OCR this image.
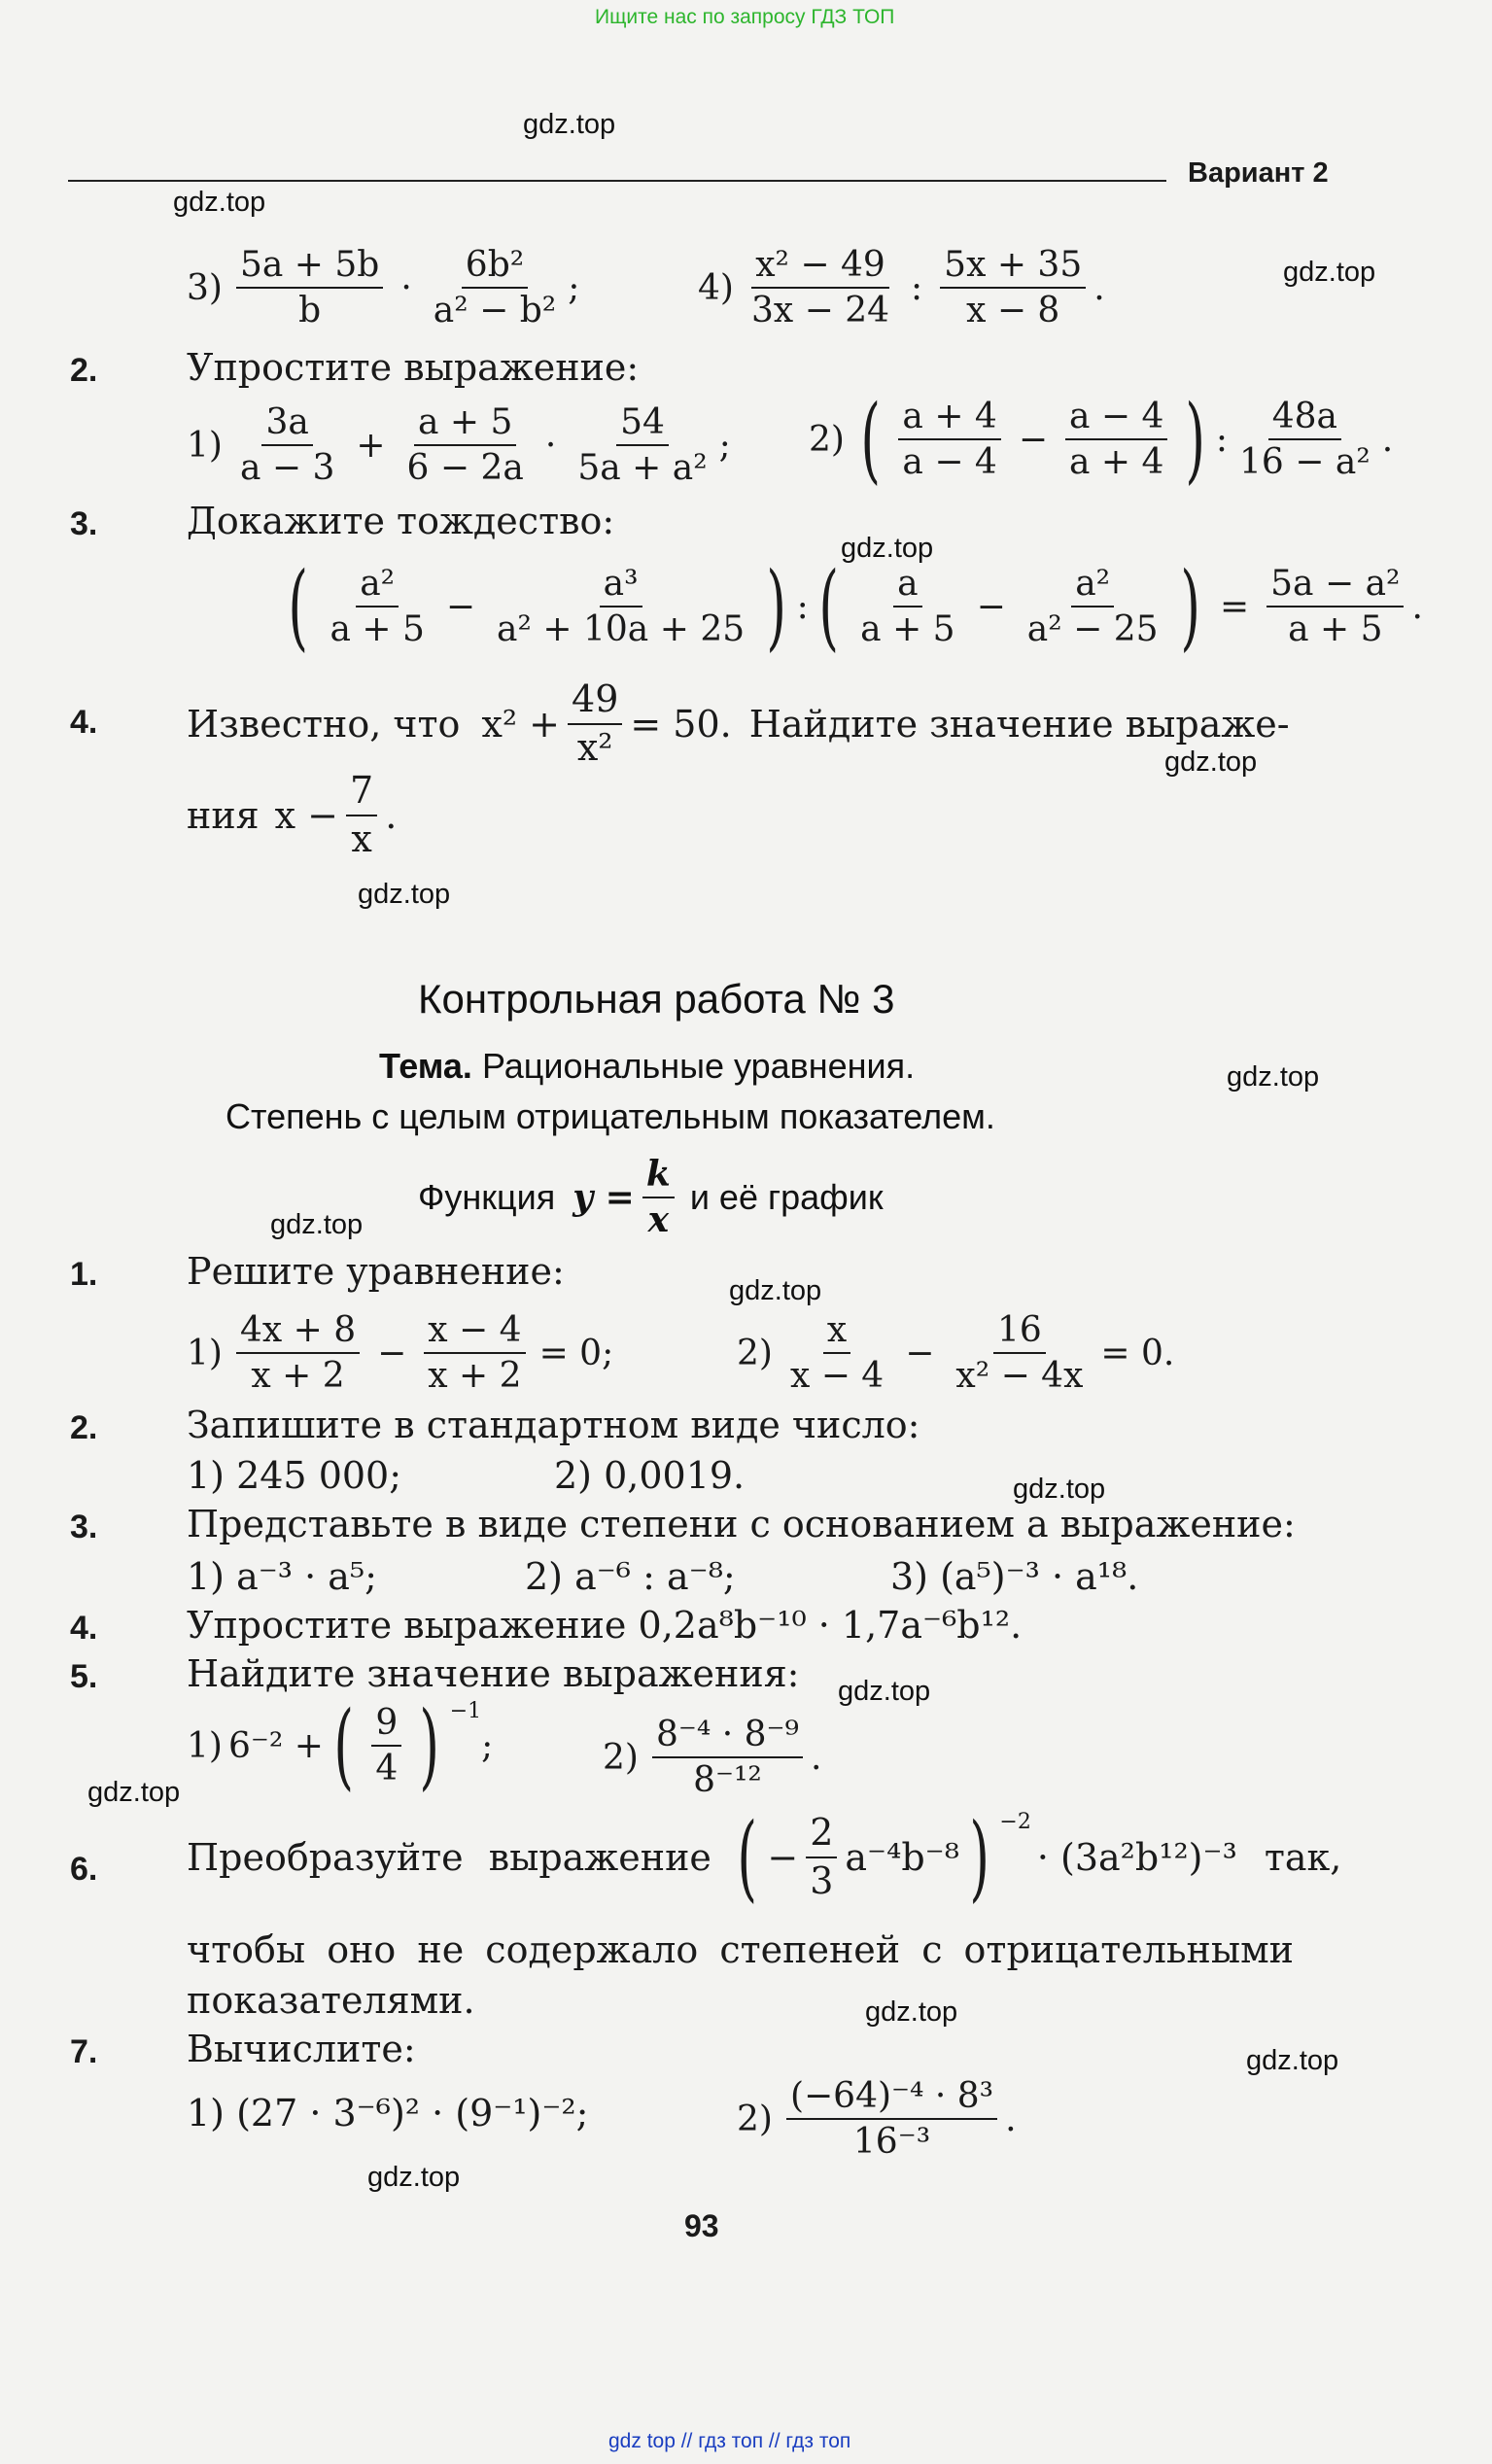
Ищите нас по запросу ГДЗ ТОП
gdz.top
gdz.top
gdz.top
gdz.top
gdz.top
gdz.top
gdz.top
gdz.top
gdz.top
gdz.top
gdz.top
gdz.top
gdz.top
gdz.top
gdz.top
Вариант 2
$3) \frac{5a + 5b}{b} \cdot \frac{\text{6b²}}{\text{a² − b²}}$ ;	$4) \frac{\text{x² − 49}}{3x - 24}$ : $\frac{5x + 35}{x - 8}$ .
2. Упростите выражение:
$1) \frac{3a}{a - 3} + \frac{a + 5}{6 - 2a} \cdot \frac{54}{\text{5a + a²}}$ ; 2) ( $\frac{a + 4}{a - 4} - \frac{a - 4}{a + 4}$ ) : $\frac{48a}{\text{16 − a²}}$ .
3. Докажите тождество:
( $\frac{\text{a²}}{a + 5} - \frac{\text{a³}}{\text{a² + 10a + 25}}$ ) : ( $\frac{a}{a + 5} - \frac{\text{a²}}{\text{a² − 25}}$ ) = $\frac{\text{5a − a²}}{a + 5}$ .
4. Известно, что $x^2 + \frac{49}{\text{x²}} = 50$. Найдите значение выраже-
ния $x - \frac{7}{x}$ .
Контрольная работа № 3
Тема. Рациональные уравнения.
Степень с целым отрицательным показателем.
Функция $y = \frac{k}{x}$ и её график
1. Решите уравнение:
$1) \frac{4x + 8}{x + 2} - \frac{x - 4}{x + 2} = 0$;	$2) \frac{x}{x - 4} - \frac{16}{\text{x² − 4x}} = 0$.
2. Запишите в стандартном виде число:
1) 245 000;	2) 0,0019.
3. Представьте в виде степени с основанием a выражение:
1) a⁻³ · a⁵;	2) a⁻⁶ : a⁻⁸;	3) (a⁵)⁻³ · a¹⁸.
4. Упростите выражение 0,2a⁸b⁻¹⁰ · 1,7a⁻⁶b¹².
5. Найдите значение выражения:
1) 6⁻² + ( $\frac{9}{4}$ ) $^{-1}$
;	$2) \frac{\text{8⁻⁴ · 8⁻⁹}}{\text{8⁻¹²}}$ .
6. Преобразуйте выражение ( − $\frac{2}{3} a^{-4}b^{-8}$ ) $^{-2}$
· (3a²b¹²)⁻³ так,
чтобы оно не содержало степеней с отрицательными
показателями.
7. Вычислите:
1) (27 · 3⁻⁶)² · (9⁻¹)⁻²;	$2) \frac{\text{(−64)⁻⁴ · 8³}}{\text{16⁻³}}$ .
93
gdz top // гдз топ // гдз топ
